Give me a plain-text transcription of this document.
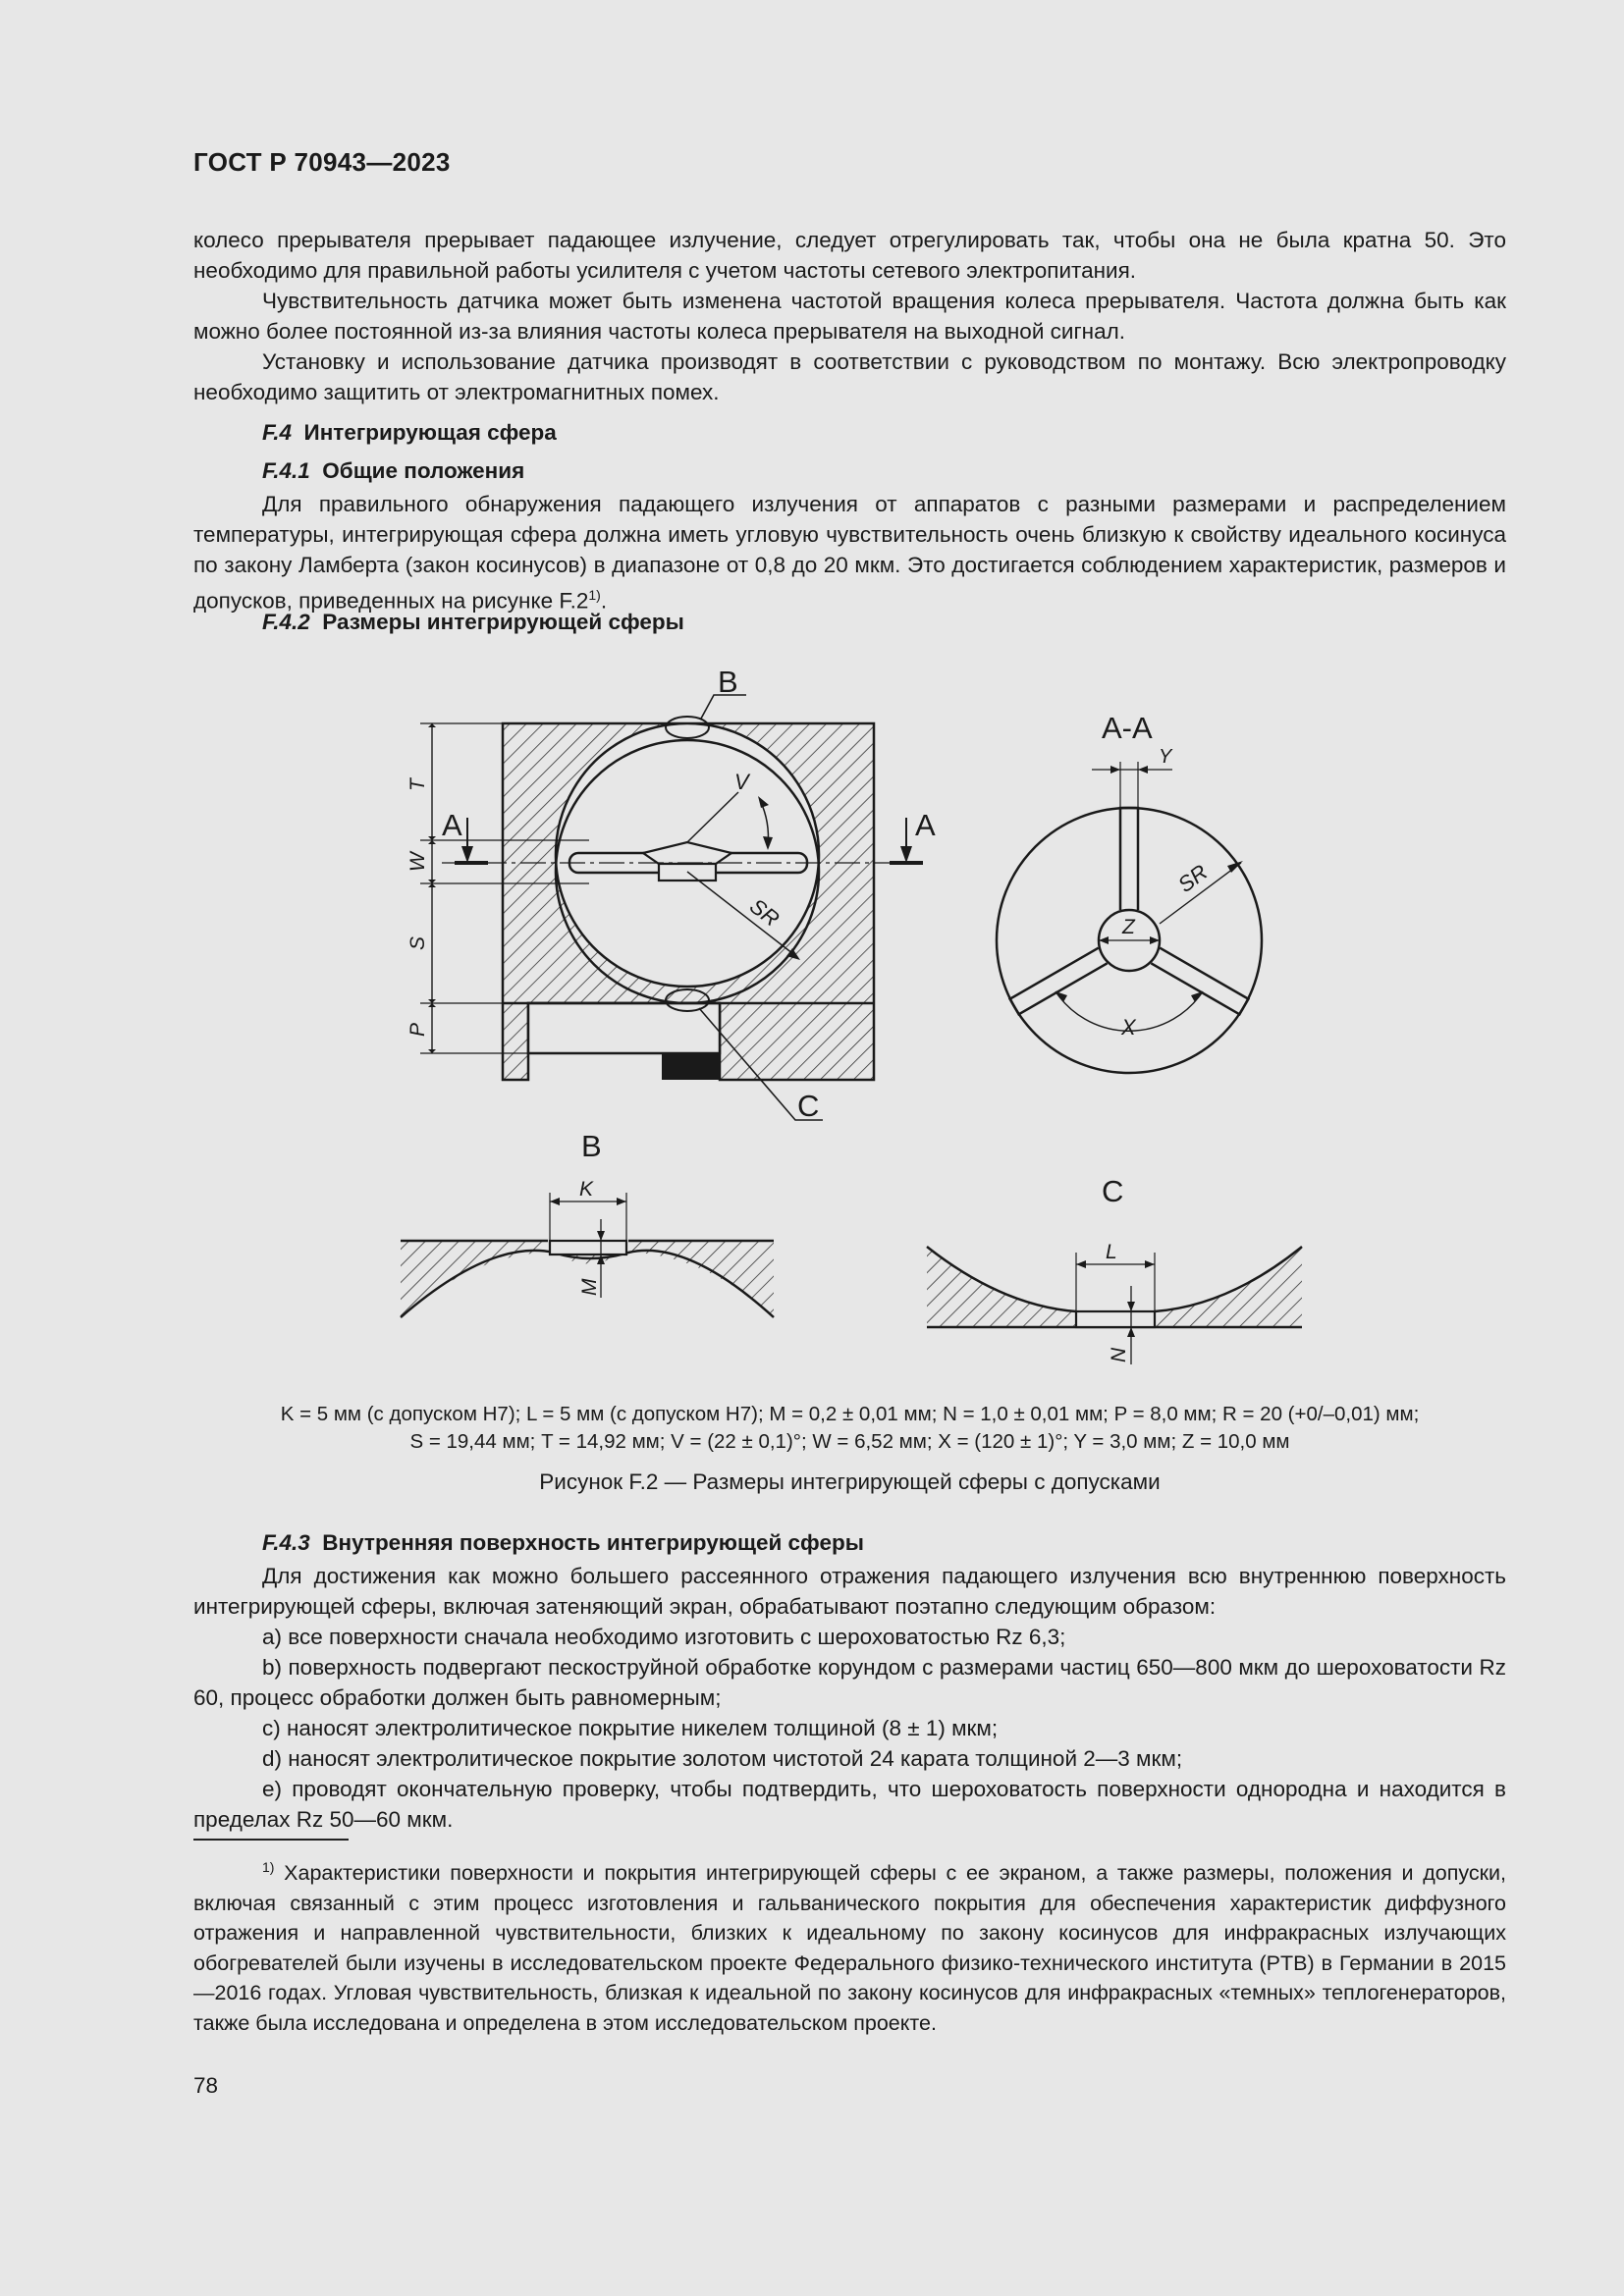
ГОСТ Р 70943—2023

колесо прерывателя прерывает падающее излучение, следует отрегулировать так, чтобы она не была кратна 50. Это необходимо для правильной работы усилителя с учетом частоты сетевого электропитания.

Чувствительность датчика может быть изменена частотой вращения колеса прерывателя. Частота должна быть как можно более постоянной из-за влияния частоты колеса прерывателя на выходной сигнал.

Установку и использование датчика производят в соответствии с руководством по монтажу. Всю электропроводку необходимо защитить от электромагнитных помех.

F.4 Интегрирующая сфера

F.4.1 Общие положения

Для правильного обнаружения падающего излучения от аппаратов с разными размерами и распределением температуры, интегрирующая сфера должна иметь угловую чувствительность очень близкую к свойству идеального косинуса по закону Ламберта (закон косинусов) в диапазоне от 0,8 до 20 мкм. Это достигается соблюдением характеристик, размеров и допусков, приведенных на рисунке F.2$^{1)}$.

F.4.2 Размеры интегрирующей сферы

B
A	A
C
V
SR
T
W
S
P
A-A
Y
SR
Z
X
B
K
M
C
L
N

K = 5 мм (с допуском H7); L = 5 мм (с допуском H7); M = 0,2 ± 0,01 мм; N = 1,0 ± 0,01 мм; P = 8,0 мм; R = 20 (+0/–0,01) мм;

S = 19,44 мм; T = 14,92 мм; V = (22 ± 0,1)°; W = 6,52 мм; X = (120 ± 1)°; Y = 3,0 мм; Z = 10,0 мм

Рисунок F.2 — Размеры интегрирующей сферы с допусками

F.4.3 Внутренняя поверхность интегрирующей сферы

Для достижения как можно большего рассеянного отражения падающего излучения всю внутреннюю поверхность интегрирующей сферы, включая затеняющий экран, обрабатывают поэтапно следующим образом:

a) все поверхности сначала необходимо изготовить с шероховатостью Rz 6,3;

b) поверхность подвергают пескоструйной обработке корундом с размерами частиц 650—800 мкм до шероховатости Rz 60, процесс обработки должен быть равномерным;

c) наносят электролитическое покрытие никелем толщиной (8 ± 1) мкм;

d) наносят электролитическое покрытие золотом чистотой 24 карата толщиной 2—3 мкм;

e) проводят окончательную проверку, чтобы подтвердить, что шероховатость поверхности однородна и находится в пределах Rz 50—60 мкм.

$^{1)}$ Характеристики поверхности и покрытия интегрирующей сферы с ее экраном, а также размеры, положения и допуски, включая связанный с этим процесс изготовления и гальванического покрытия для обеспечения характеристик диффузного отражения и направленной чувствительности, близких к идеальному по закону косинусов для инфракрасных излучающих обогревателей были изучены в исследовательском проекте Федерального физико-технического института (PTB) в Германии в 2015—2016 годах. Угловая чувствительность, близкая к идеальной по закону косинусов для инфракрасных «темных» теплогенераторов, также была исследована и определена в этом исследовательском проекте.

78
